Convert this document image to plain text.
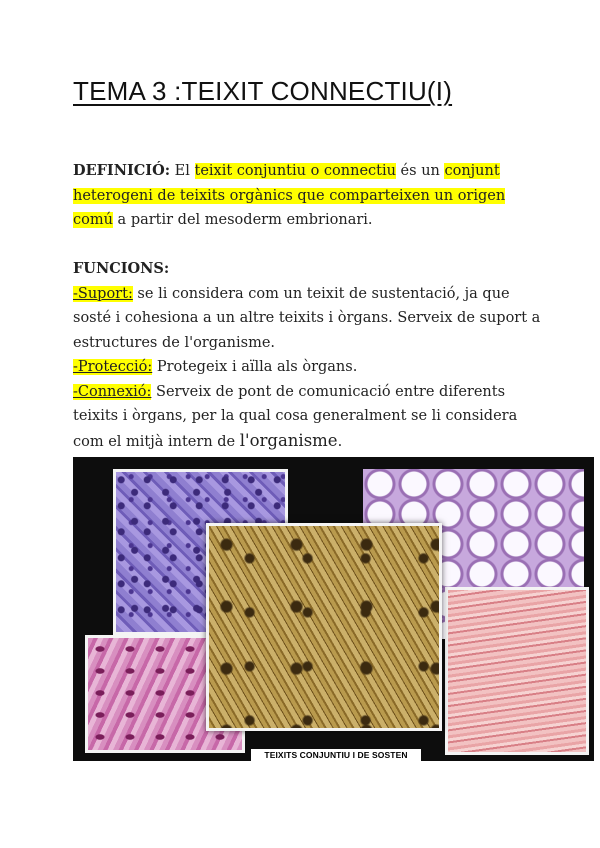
TEMA 3 :TEIXIT CONNECTIU(I)
DEFINICIÓ: El teixit conjuntiu o connectiu és un conjunt heterogeni de teixits orgànics que comparteixen un origen comú a partir del mesoderm embrionari.
FUNCIONS:
-Suport: se li considera com un teixit de sustentació, ja que sosté i cohesiona a un altre teixits i òrgans. Serveix de suport a estructures de l'organisme.
-Protecció: Protegeix i aïlla als òrgans.
-Connexió: Serveix de pont de comunicació entre diferents teixits i òrgans, per la qual cosa generalment se li considera com el mitjà intern de l'organisme.
TEIXITS CONJUNTIU I DE SOSTEN
